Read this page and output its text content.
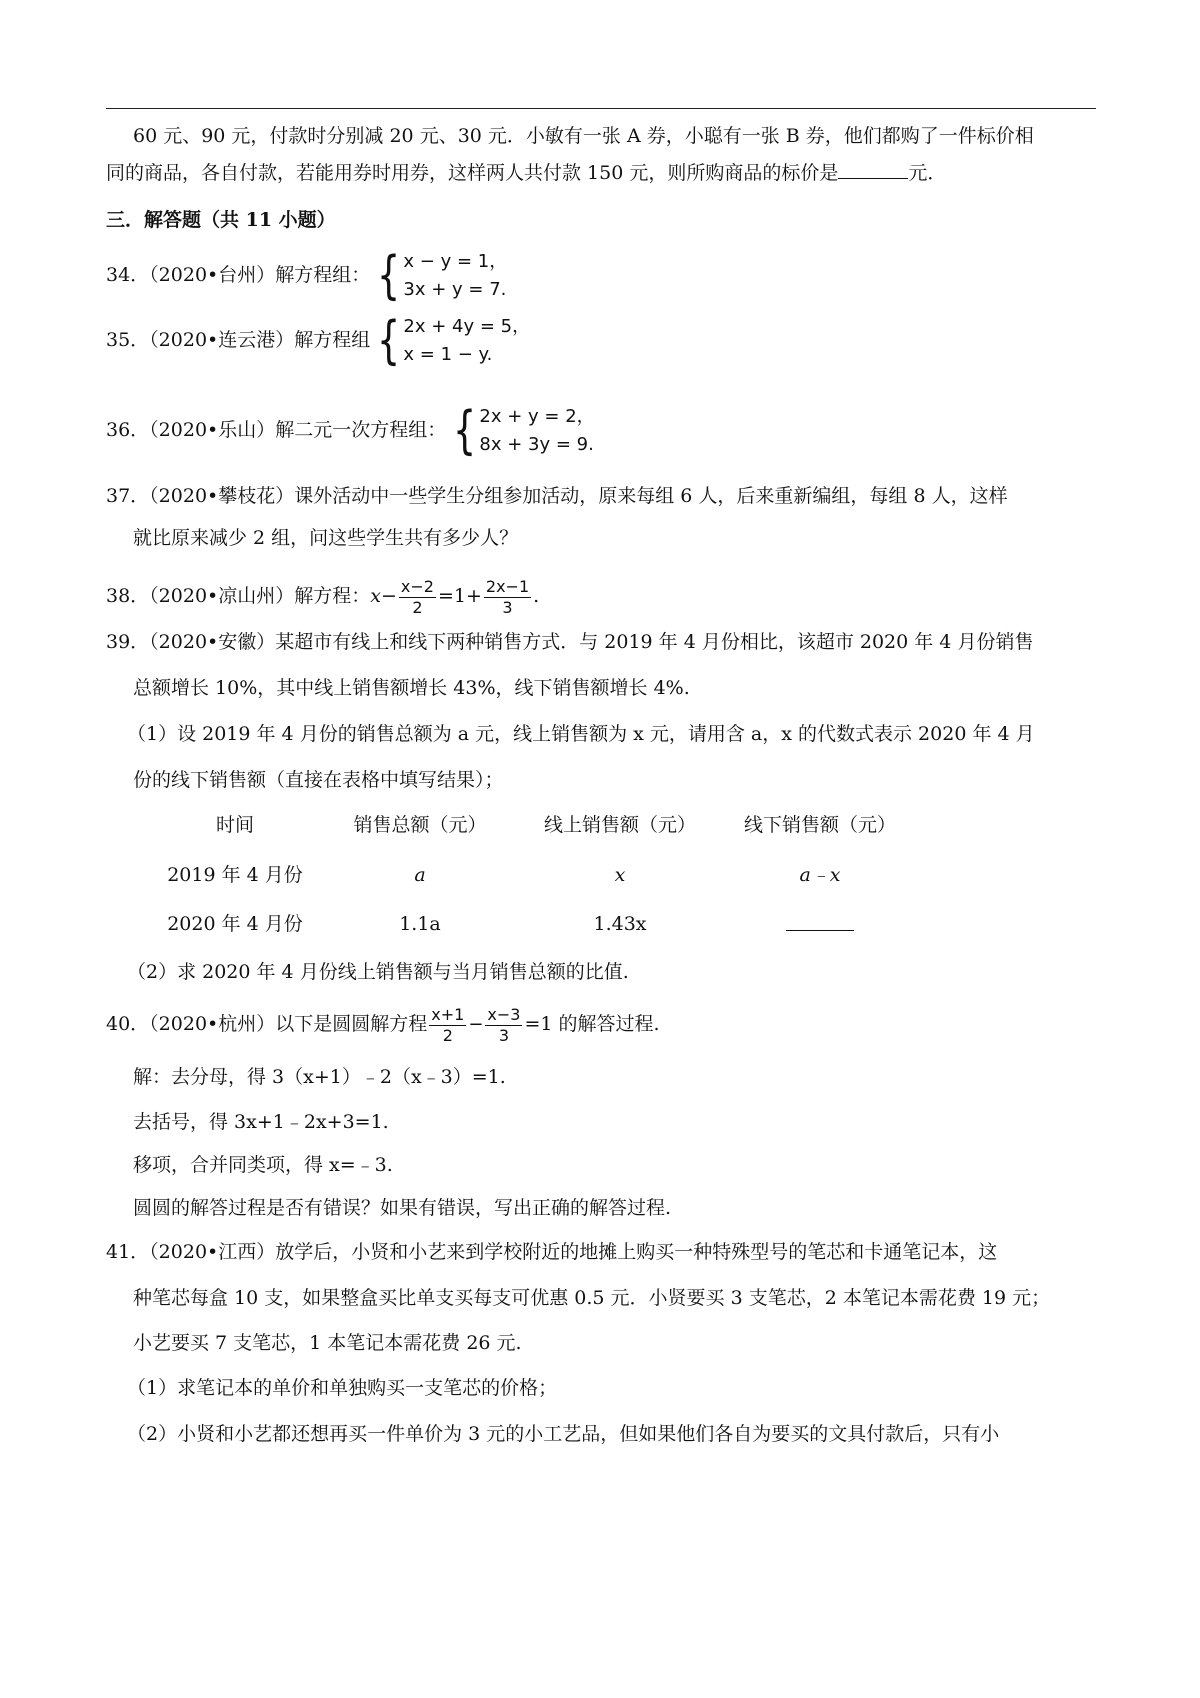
60 元、90 元，付款时分别减 20 元、30 元．小敏有一张 A 券，小聪有一张 B 券，他们都购了一件标价相
同的商品，各自付款，若能用券时用券，这样两人共付款 150 元，则所购商品的标价是	元．
三．解答题（共 11 小题）
34．（2020•台州）解方程组： { x − y = 1，
3x + y = 7.
35．（2020•连云港）解方程组 { 2x + 4y = 5，
x = 1 − y.
36．（2020•乐山）解二元一次方程组： { 2x + y = 2，
8x + 3y = 9.
37．（2020•攀枝花）课外活动中一些学生分组参加活动，原来每组 6 人，后来重新编组，每组 8 人，这样
就比原来减少 2 组，问这些学生共有多少人？
38．（2020•凉山州）解方程：$x- \frac{x-2}{2} =1+ \frac{2x-1}{3}$ .
39．（2020•安徽）某超市有线上和线下两种销售方式．与 2019 年 4 月份相比，该超市 2020 年 4 月份销售
总额增长 10%，其中线上销售额增长 43%，线下销售额增长 4%.
（1）设 2019 年 4 月份的销售总额为 a 元，线上销售额为 x 元，请用含 a，x 的代数式表示 2020 年 4 月
份的线下销售额（直接在表格中填写结果）；
时间	销售总额（元）	线上销售额（元）	线下销售额（元）
2019 年 4 月份	a	x	a﹣x
2020 年 4 月份	1.1a	1.43x
（2）求 2020 年 4 月份线上销售额与当月销售总额的比值.
40．（2020•杭州）以下是圆圆解方程 $\frac{x+1}{2} - \frac{x-3}{3} =1$ 的解答过程.
解：去分母，得 3（x+1）﹣2（x﹣3）=1.
去括号，得 3x+1﹣2x+3=1.
移项，合并同类项，得 x=﹣3.
圆圆的解答过程是否有错误？如果有错误，写出正确的解答过程.
41．（2020•江西）放学后，小贤和小艺来到学校附近的地摊上购买一种特殊型号的笔芯和卡通笔记本，这
种笔芯每盒 10 支，如果整盒买比单支买每支可优惠 0.5 元．小贤要买 3 支笔芯，2 本笔记本需花费 19 元；
小艺要买 7 支笔芯，1 本笔记本需花费 26 元.
（1）求笔记本的单价和单独购买一支笔芯的价格；
（2）小贤和小艺都还想再买一件单价为 3 元的小工艺品，但如果他们各自为要买的文具付款后，只有小
